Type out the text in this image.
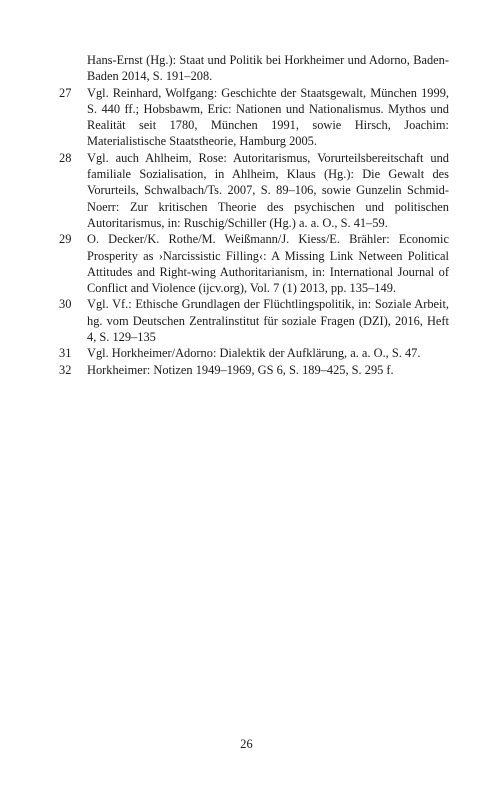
Hans-Ernst (Hg.): Staat und Politik bei Horkheimer und Adorno, Baden-Baden 2014, S. 191–208.
27	Vgl. Reinhard, Wolfgang: Geschichte der Staatsgewalt, München 1999, S. 440 ff.; Hobsbawm, Eric: Nationen und Nationalismus. Mythos und Realität seit 1780, München 1991, sowie Hirsch, Joachim: Materialistische Staatstheorie, Hamburg 2005.
28	Vgl. auch Ahlheim, Rose: Autoritarismus, Vorurteilsbereitschaft und familiale Sozialisation, in Ahlheim, Klaus (Hg.): Die Gewalt des Vorurteils, Schwalbach/Ts. 2007, S. 89–106, sowie Gunzelin Schmid-Noerr: Zur kritischen Theorie des psychischen und politischen Autoritarismus, in: Ruschig/Schiller (Hg.) a. a. O., S. 41–59.
29	O. Decker/K. Rothe/M. Weißmann/J. Kiess/E. Brähler: Economic Prosperity as ›Narcissistic Filling‹: A Missing Link Netween Political Attitudes and Right-wing Authoritarianism, in: International Journal of Conflict and Violence (ijcv.org), Vol. 7 (1) 2013, pp. 135–149.
30	Vgl. Vf.: Ethische Grundlagen der Flüchtlingspolitik, in: Soziale Arbeit, hg. vom Deutschen Zentralinstitut für soziale Fragen (DZI), 2016, Heft 4, S. 129–135
31	Vgl. Horkheimer/Adorno: Dialektik der Aufklärung, a. a. O., S. 47.
32	Horkheimer: Notizen 1949–1969, GS 6, S. 189–425, S. 295 f.
26
